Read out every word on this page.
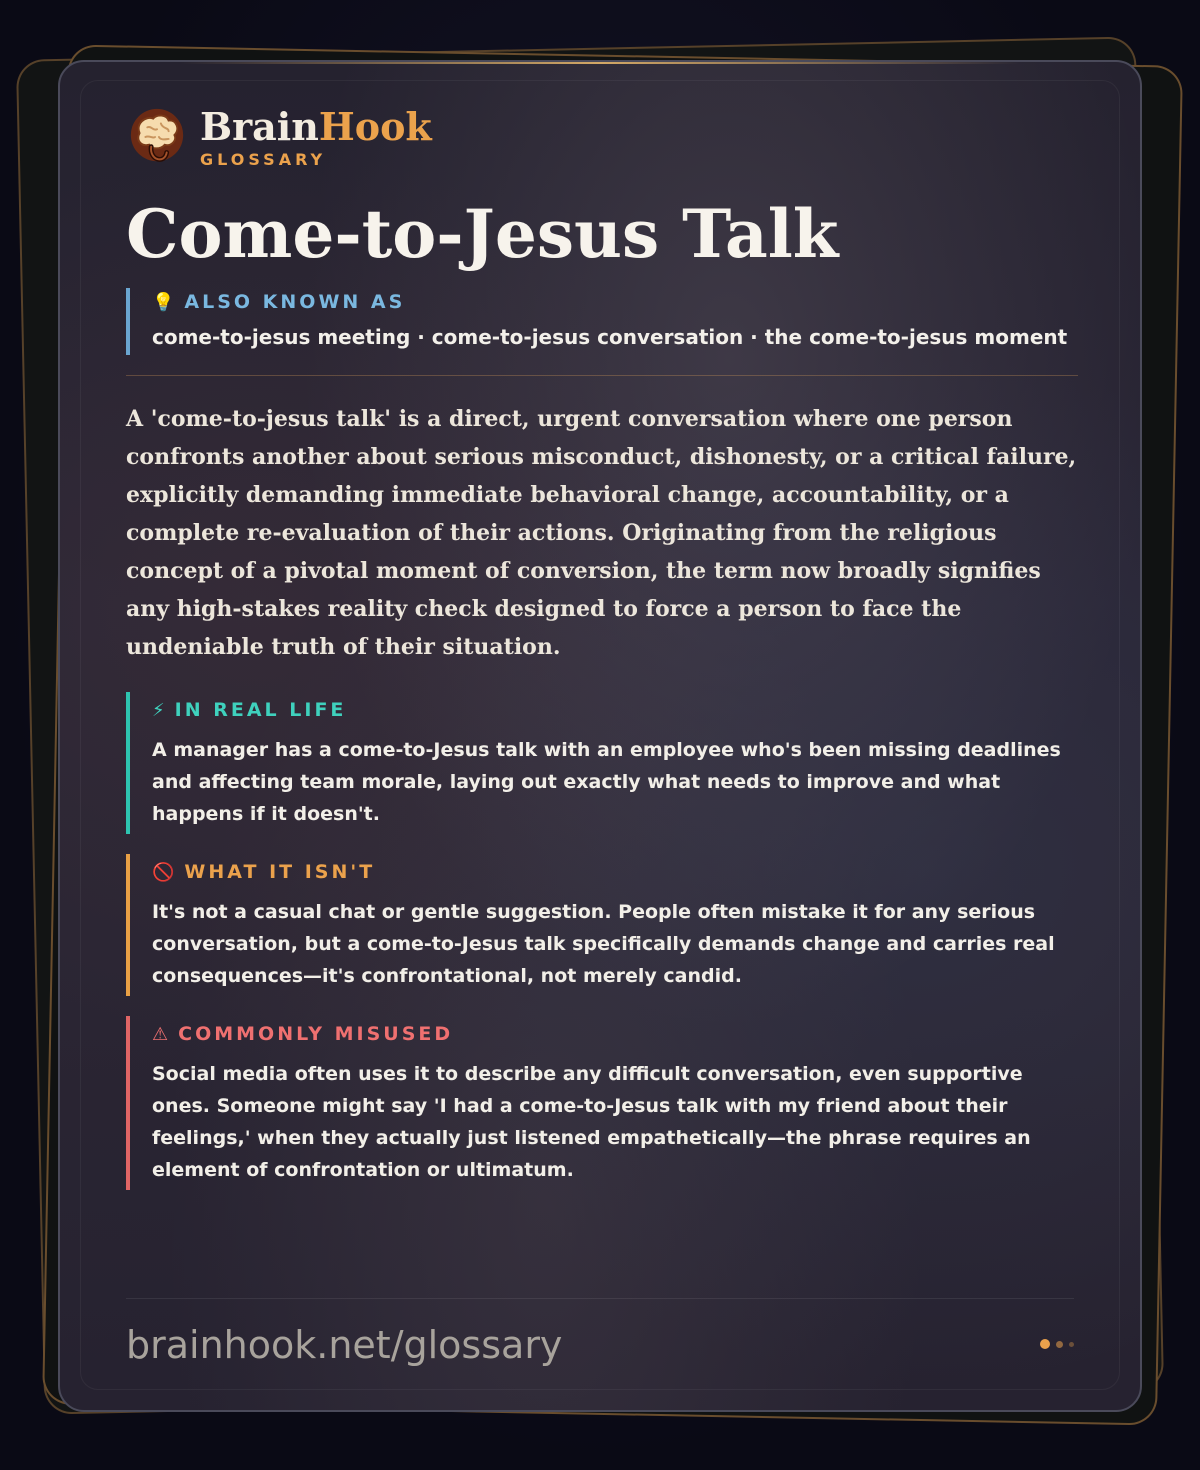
BrainHook
GLOSSARY
Come-to-Jesus Talk
💡 ALSO KNOWN AS
come-to-jesus meeting · come-to-jesus conversation · the come-to-jesus moment

A 'come-to-jesus talk' is a direct, urgent conversation where one person confronts another about serious misconduct, dishonesty, or a critical failure, explicitly demanding immediate behavioral change, accountability, or a complete re-evaluation of their actions. Originating from the religious concept of a pivotal moment of conversion, the term now broadly signifies any high-stakes reality check designed to force a person to face the undeniable truth of their situation.

⚡ IN REAL LIFE
A manager has a come-to-Jesus talk with an employee who's been missing deadlines and affecting team morale, laying out exactly what needs to improve and what happens if it doesn't.
🚫 WHAT IT ISN'T
It's not a casual chat or gentle suggestion. People often mistake it for any serious conversation, but a come-to-Jesus talk specifically demands change and carries real consequences—it's confrontational, not merely candid.
⚠ COMMONLY MISUSED
Social media often uses it to describe any difficult conversation, even supportive ones. Someone might say 'I had a come-to-Jesus talk with my friend about their feelings,' when they actually just listened empathetically—the phrase requires an element of confrontation or ultimatum.
brainhook.net/glossary
